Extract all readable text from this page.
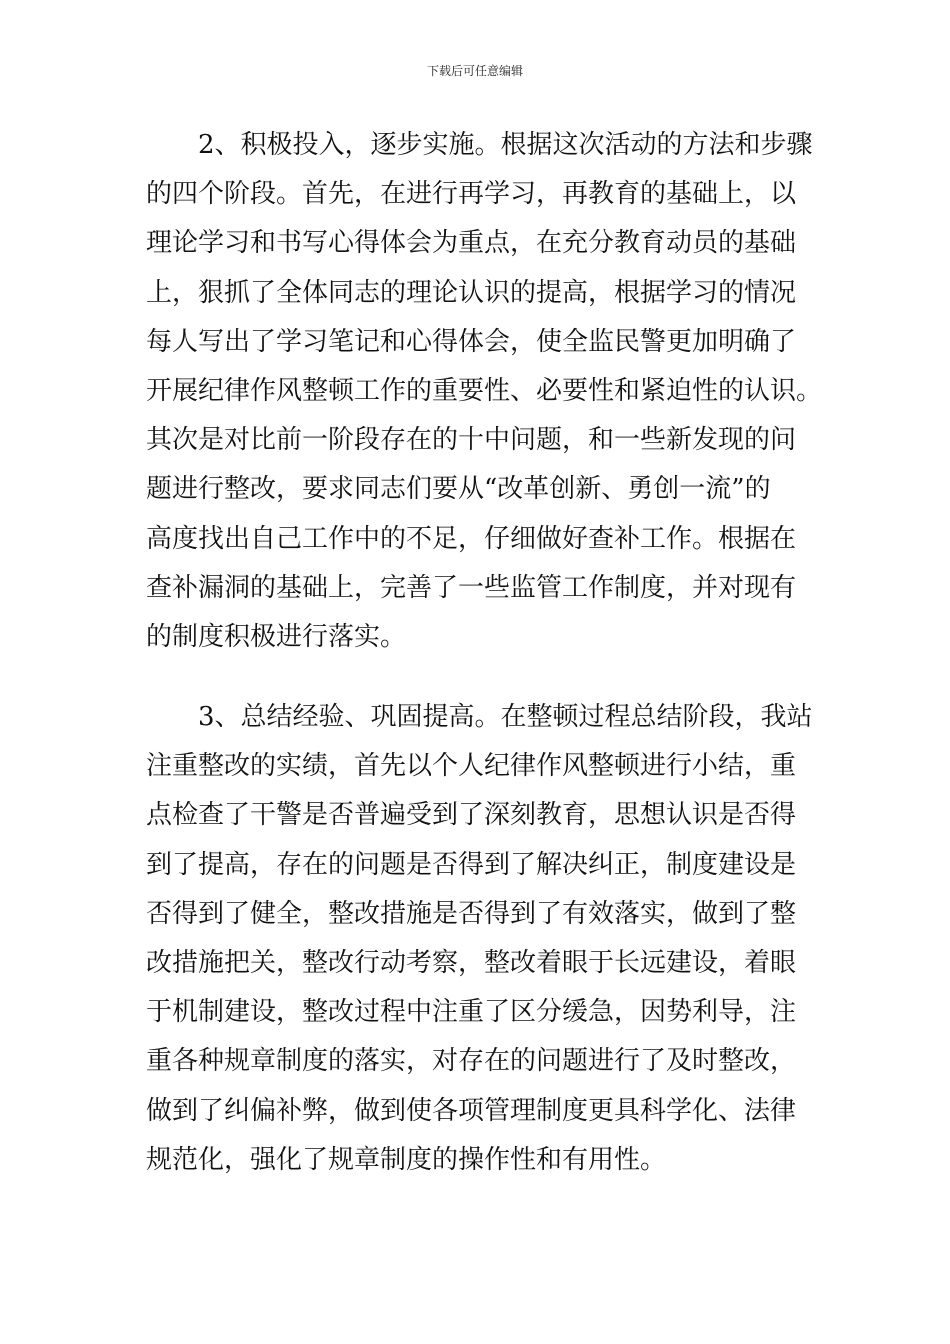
下载后可任意编辑
2、积极投入，逐步实施。根据这次活动的方法和步骤
的四个阶段。首先，在进行再学习，再教育的基础上，以
理论学习和书写心得体会为重点，在充分教育动员的基础
上，狠抓了全体同志的理论认识的提高，根据学习的情况
每人写出了学习笔记和心得体会，使全监民警更加明确了
开展纪律作风整顿工作的重要性、必要性和紧迫性的认识。
其次是对比前一阶段存在的十中问题，和一些新发现的问
题进行整改，要求同志们要从“改革创新、勇创一流”的
高度找出自己工作中的不足，仔细做好查补工作。根据在
查补漏洞的基础上，完善了一些监管工作制度，并对现有
的制度积极进行落实。
3、总结经验、巩固提高。在整顿过程总结阶段，我站
注重整改的实绩，首先以个人纪律作风整顿进行小结，重
点检查了干警是否普遍受到了深刻教育，思想认识是否得
到了提高，存在的问题是否得到了解决纠正，制度建设是
否得到了健全，整改措施是否得到了有效落实，做到了整
改措施把关，整改行动考察，整改着眼于长远建设，着眼
于机制建设，整改过程中注重了区分缓急，因势利导，注
重各种规章制度的落实，对存在的问题进行了及时整改，
做到了纠偏补弊，做到使各项管理制度更具科学化、法律
规范化，强化了规章制度的操作性和有用性。
